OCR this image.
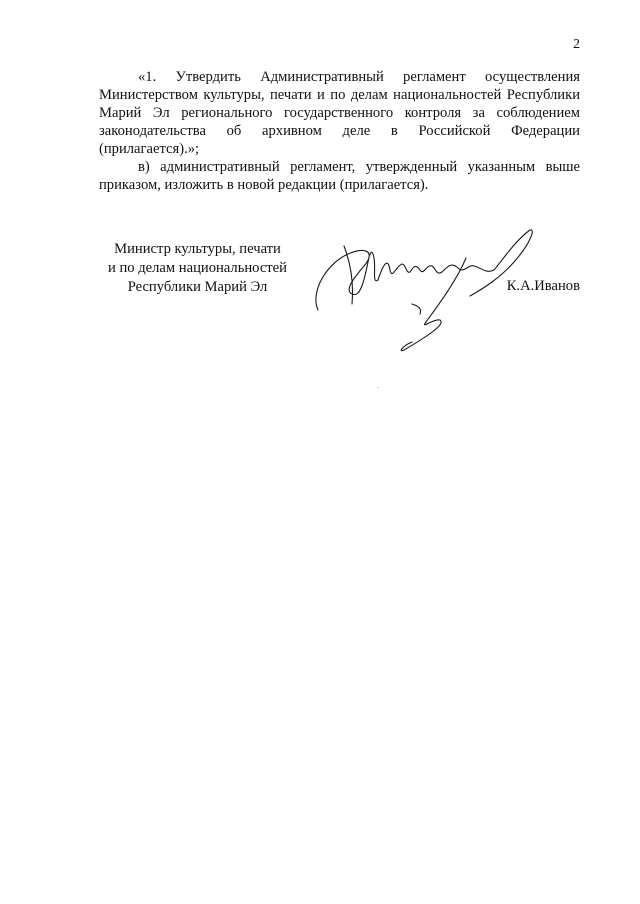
2

«1. Утвердить Административный регламент осуществления Министерством культуры, печати и по делам национальностей Республики Марий Эл регионального государственного контроля за соблюдением законодательства об архивном деле в Российской Федерации (прилагается).»;

в) административный регламент, утвержденный указанным выше приказом, изложить в новой редакции (прилагается).

Министр культуры, печати
и по делам национальностей
Республики Марий Эл	К.А.Иванов
